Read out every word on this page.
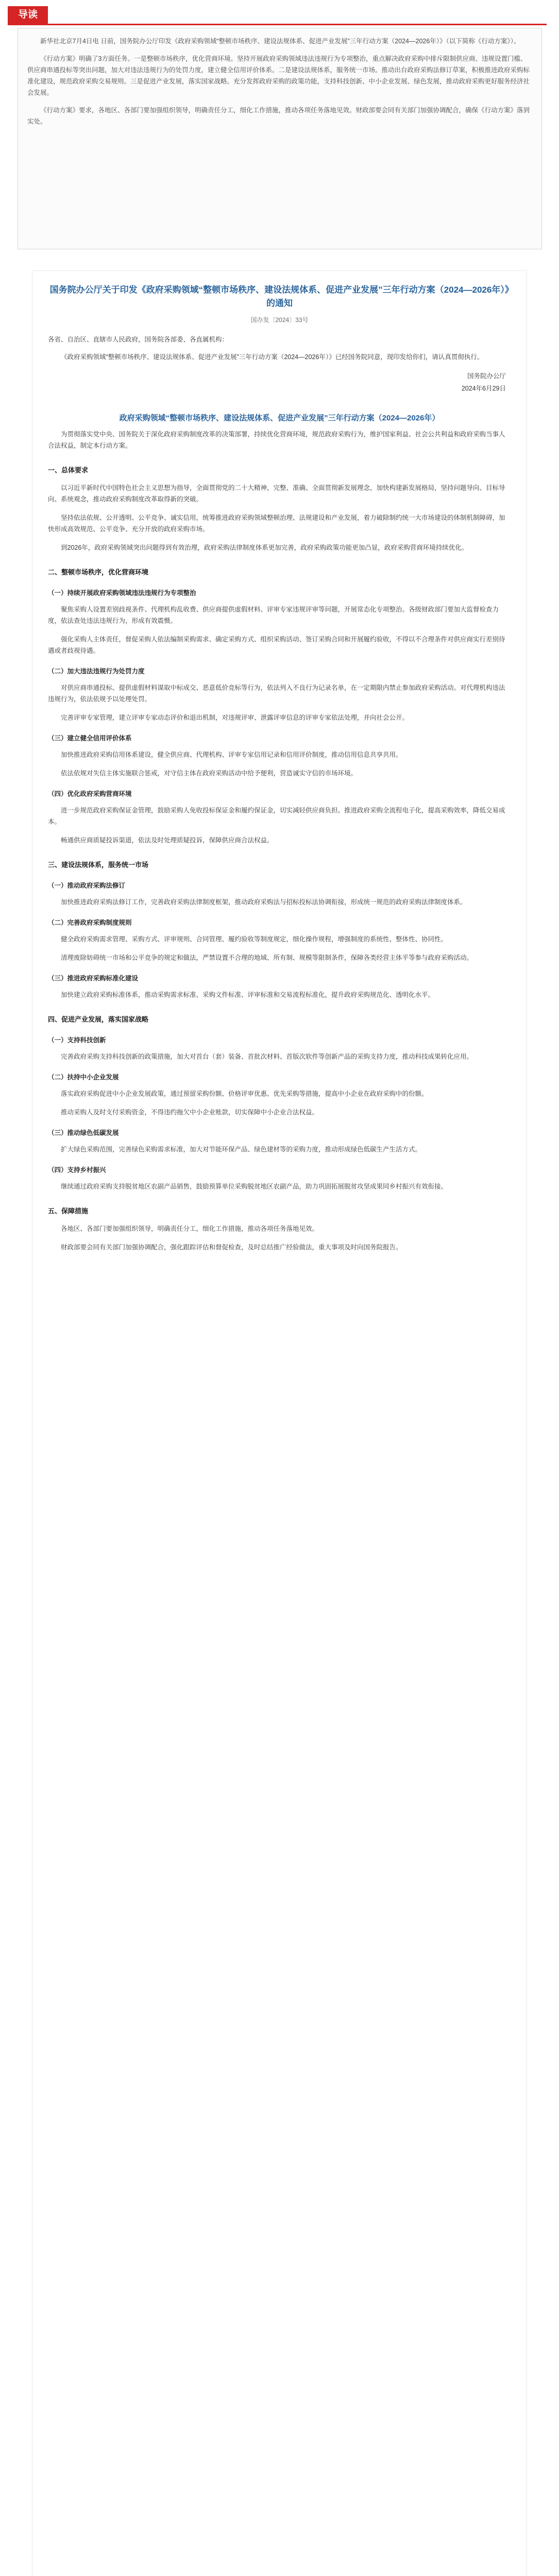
导读

新华社北京7月4日电 日前，国务院办公厅印发《政府采购领域“整顿市场秩序、建设法规体系、促进产业发展”三年行动方案（2024—2026年）》（以下简称《行动方案》）。

《行动方案》明确了3方面任务。一是整顿市场秩序，优化营商环境。坚持开展政府采购领域违法违规行为专项整治，重点解决政府采购中排斥限制供应商、违规设置门槛、供应商串通投标等突出问题，加大对违法违规行为的处罚力度，建立健全信用评价体系。二是建设法规体系，服务统一市场。推动出台政府采购法修订草案，积极推进政府采购标准化建设，规范政府采购交易规则。三是促进产业发展，落实国家战略。充分发挥政府采购的政策功能，支持科技创新、中小企业发展、绿色发展，推动政府采购更好服务经济社会发展。

《行动方案》要求，各地区、各部门要加强组织领导，明确责任分工，细化工作措施，推动各项任务落地见效。财政部要会同有关部门加强协调配合，确保《行动方案》落到实处。

国务院办公厅关于印发《政府采购领域“整顿市场秩序、建设法规体系、促进产业发展”三年行动方案（2024—2026年）》的通知
国办发〔2024〕33号

各省、自治区、直辖市人民政府，国务院各部委、各直属机构：

《政府采购领域“整顿市场秩序、建设法规体系、促进产业发展”三年行动方案（2024—2026年）》已经国务院同意，现印发给你们，请认真贯彻执行。

国务院办公厅
2024年6月29日
政府采购领域“整顿市场秩序、建设法规体系、促进产业发展”三年行动方案（2024—2026年）

为贯彻落实党中央、国务院关于深化政府采购制度改革的决策部署，持续优化营商环境，规范政府采购行为，维护国家利益、社会公共利益和政府采购当事人合法权益，制定本行动方案。

一、总体要求

以习近平新时代中国特色社会主义思想为指导，全面贯彻党的二十大精神，完整、准确、全面贯彻新发展理念，加快构建新发展格局，坚持问题导向、目标导向、系统观念，推动政府采购制度改革取得新的突破。

坚持依法依规、公开透明、公平竞争、诚实信用，统筹推进政府采购领域整顿治理、法规建设和产业发展，着力破除制约统一大市场建设的体制机制障碍，加快形成高效规范、公平竞争、充分开放的政府采购市场。

到2026年，政府采购领域突出问题得到有效治理，政府采购法律制度体系更加完善，政府采购政策功能更加凸显，政府采购营商环境持续优化。

二、整顿市场秩序，优化营商环境
（一）持续开展政府采购领域违法违规行为专项整治

聚焦采购人设置差别歧视条件、代理机构乱收费、供应商提供虚假材料、评审专家违规评审等问题，开展常态化专项整治。各级财政部门要加大监督检查力度，依法查处违法违规行为，形成有效震慑。

强化采购人主体责任，督促采购人依法编制采购需求、确定采购方式、组织采购活动、签订采购合同和开展履约验收，不得以不合理条件对供应商实行差别待遇或者歧视待遇。

（二）加大违法违规行为处罚力度

对供应商串通投标、提供虚假材料谋取中标成交、恶意低价竞标等行为，依法列入不良行为记录名单，在一定期限内禁止参加政府采购活动。对代理机构违法违规行为，依法依规予以处理处罚。

完善评审专家管理，建立评审专家动态评价和退出机制，对违规评审、泄露评审信息的评审专家依法处理，并向社会公开。

（三）建立健全信用评价体系

加快推进政府采购信用体系建设，健全供应商、代理机构、评审专家信用记录和信用评价制度，推动信用信息共享共用。

依法依规对失信主体实施联合惩戒，对守信主体在政府采购活动中给予便利，营造诚实守信的市场环境。

（四）优化政府采购营商环境

进一步规范政府采购保证金管理，鼓励采购人免收投标保证金和履约保证金，切实减轻供应商负担。推进政府采购全流程电子化，提高采购效率，降低交易成本。

畅通供应商质疑投诉渠道，依法及时处理质疑投诉，保障供应商合法权益。

三、建设法规体系，服务统一市场
（一）推动政府采购法修订

加快推进政府采购法修订工作，完善政府采购法律制度框架，推动政府采购法与招标投标法协调衔接，形成统一规范的政府采购法律制度体系。

（二）完善政府采购制度规则

健全政府采购需求管理、采购方式、评审规则、合同管理、履约验收等制度规定，细化操作规程，增强制度的系统性、整体性、协同性。

清理废除妨碍统一市场和公平竞争的规定和做法，严禁设置不合理的地域、所有制、规模等限制条件，保障各类经营主体平等参与政府采购活动。

（三）推进政府采购标准化建设

加快建立政府采购标准体系，推动采购需求标准、采购文件标准、评审标准和交易流程标准化，提升政府采购规范化、透明化水平。

四、促进产业发展，落实国家战略
（一）支持科技创新

完善政府采购支持科技创新的政策措施，加大对首台（套）装备、首批次材料、首版次软件等创新产品的采购支持力度，推动科技成果转化应用。

（二）扶持中小企业发展

落实政府采购促进中小企业发展政策，通过预留采购份额、价格评审优惠、优先采购等措施，提高中小企业在政府采购中的份额。

推动采购人及时支付采购资金，不得违约拖欠中小企业账款，切实保障中小企业合法权益。

（三）推动绿色低碳发展

扩大绿色采购范围，完善绿色采购需求标准，加大对节能环保产品、绿色建材等的采购力度，推动形成绿色低碳生产生活方式。

（四）支持乡村振兴

继续通过政府采购支持脱贫地区农副产品销售，鼓励预算单位采购脱贫地区农副产品，助力巩固拓展脱贫攻坚成果同乡村振兴有效衔接。

五、保障措施

各地区、各部门要加强组织领导，明确责任分工，细化工作措施，推动各项任务落地见效。

财政部要会同有关部门加强协调配合，强化跟踪评估和督促检查，及时总结推广经验做法，重大事项及时向国务院报告。
